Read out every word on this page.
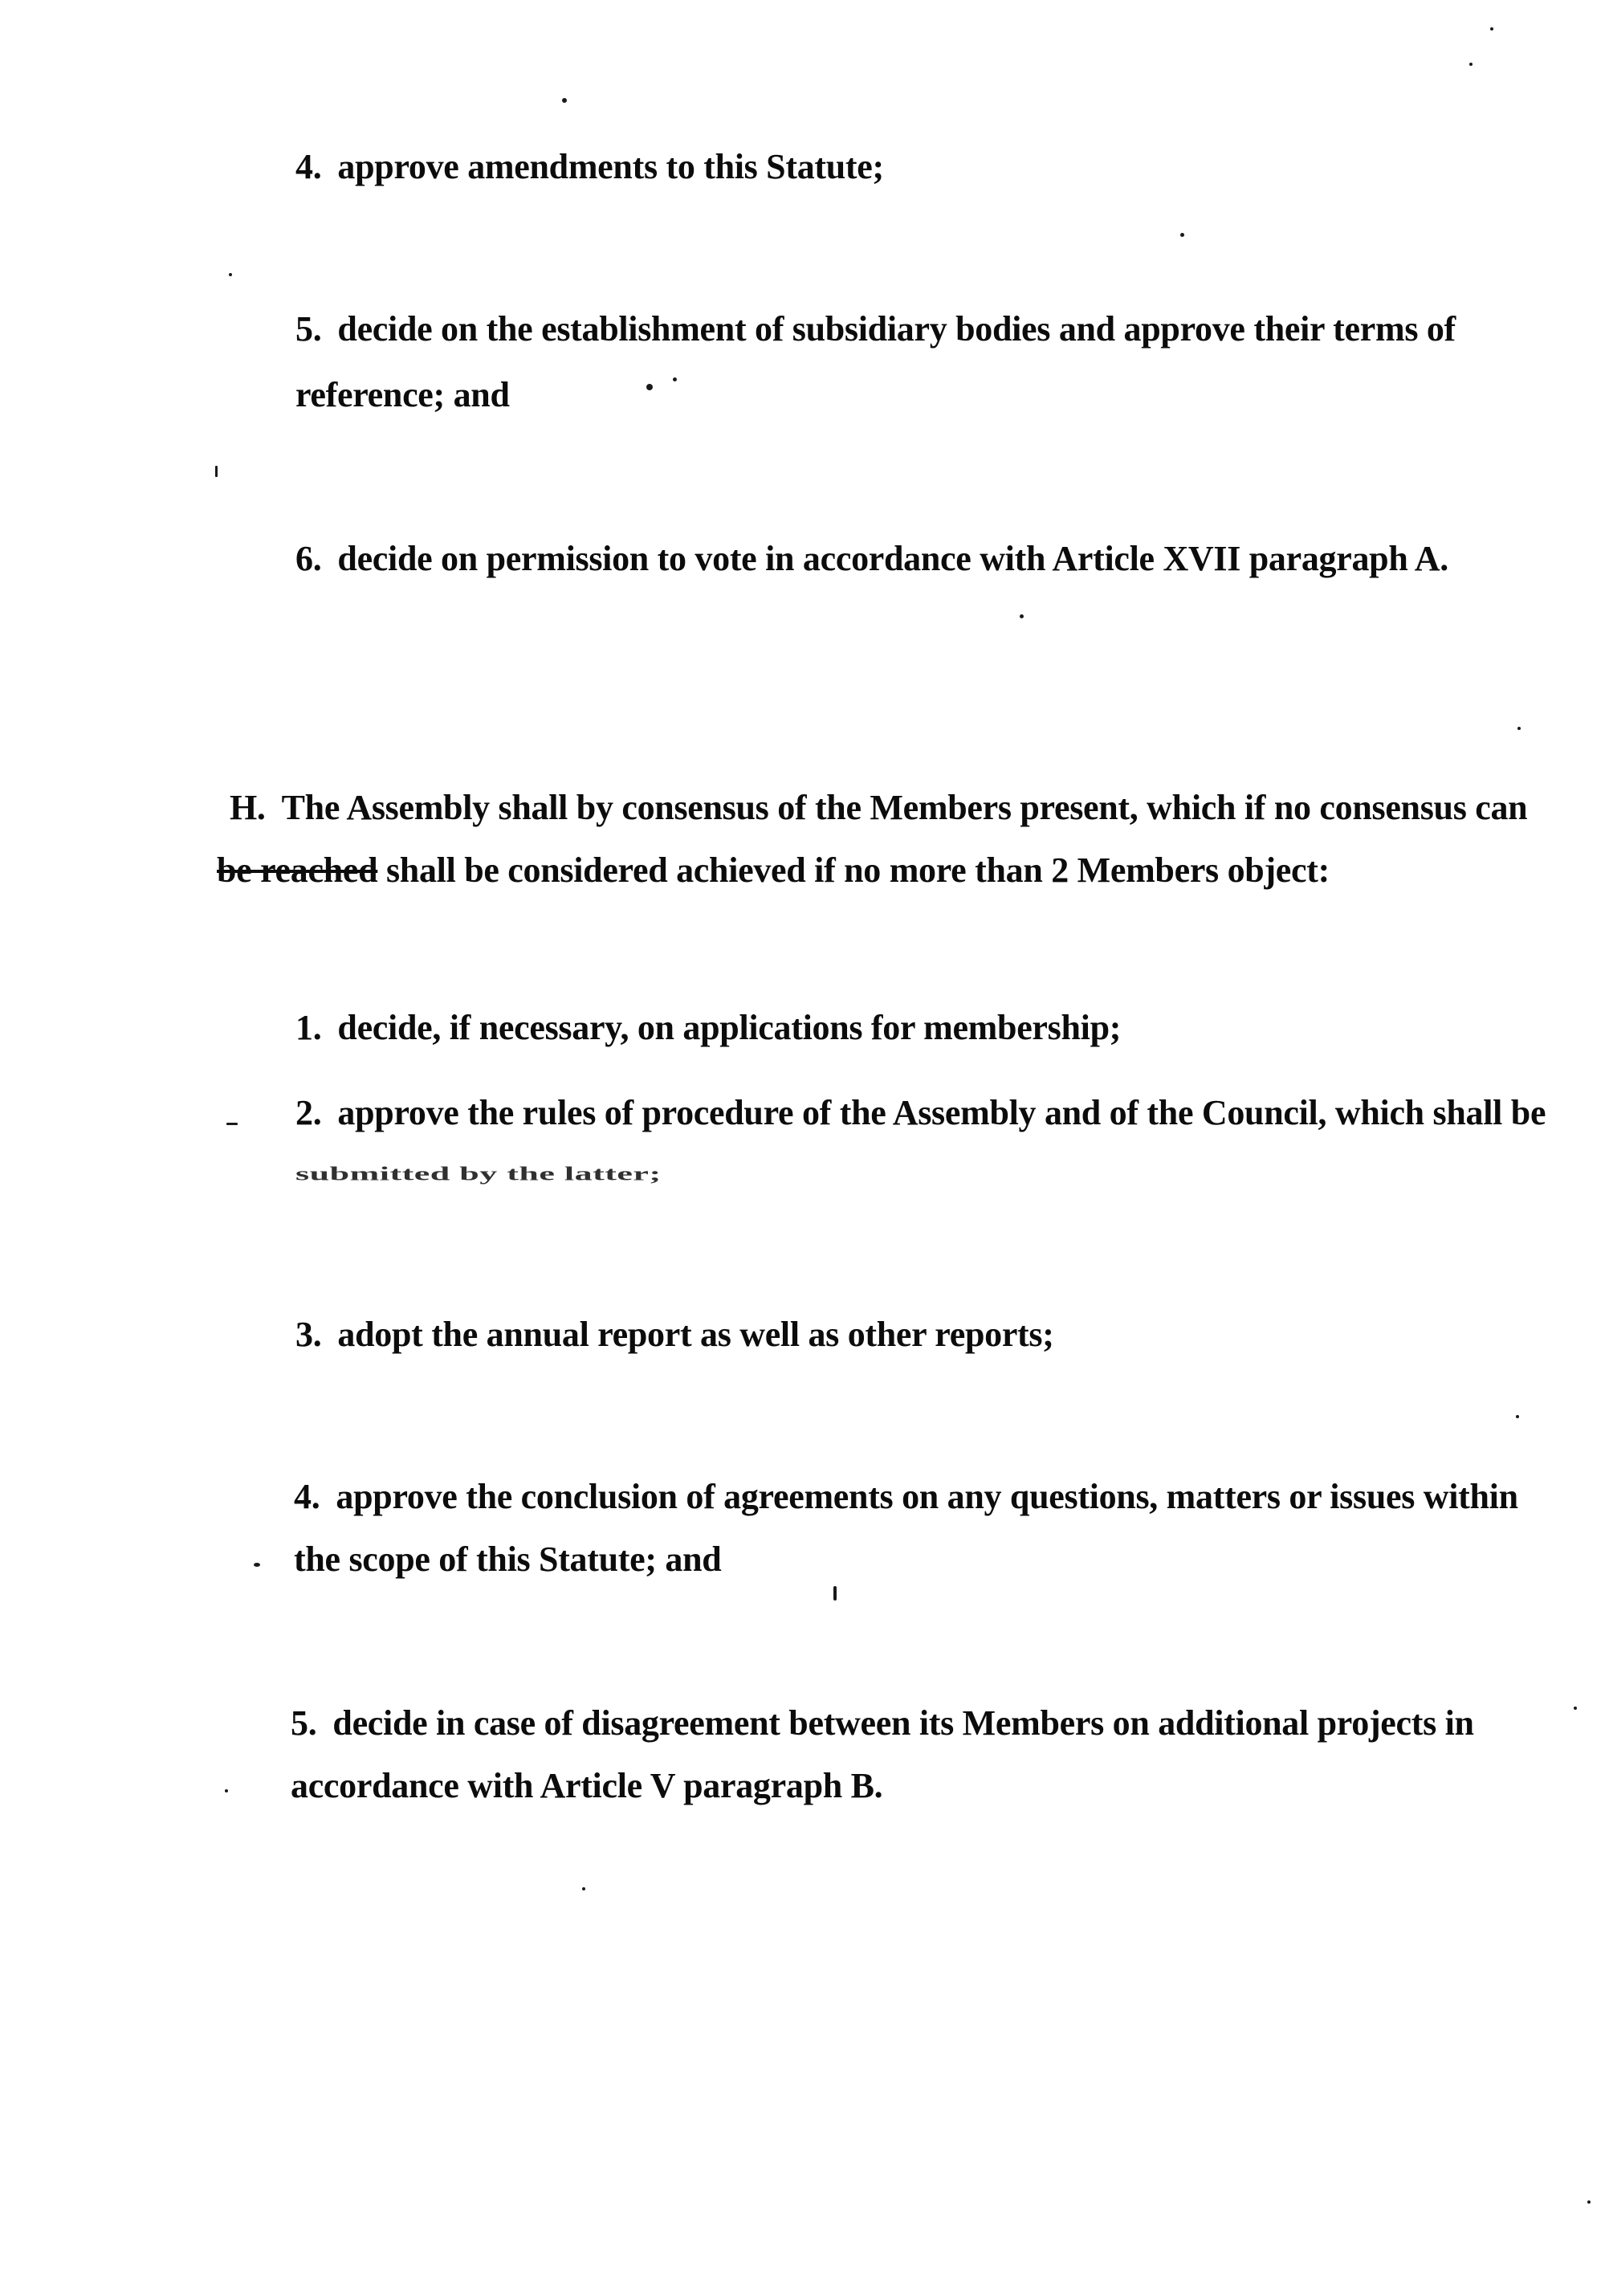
4. approve amendments to this Statute;
5. decide on the establishment of subsidiary bodies and approve their terms of
reference; and
6. decide on permission to vote in accordance with Article XVII paragraph A.
H. The Assembly shall by consensus of the Members present, which if no consensus can
be reached shall be considered achieved if no more than 2 Members object:
1. decide, if necessary, on applications for membership;
2. approve the rules of procedure of the Assembly and of the Council, which shall be
submitted by the latter;
3. adopt the annual report as well as other reports;
4. approve the conclusion of agreements on any questions, matters or issues within
the scope of this Statute; and
5. decide in case of disagreement between its Members on additional projects in
accordance with Article V paragraph B.
